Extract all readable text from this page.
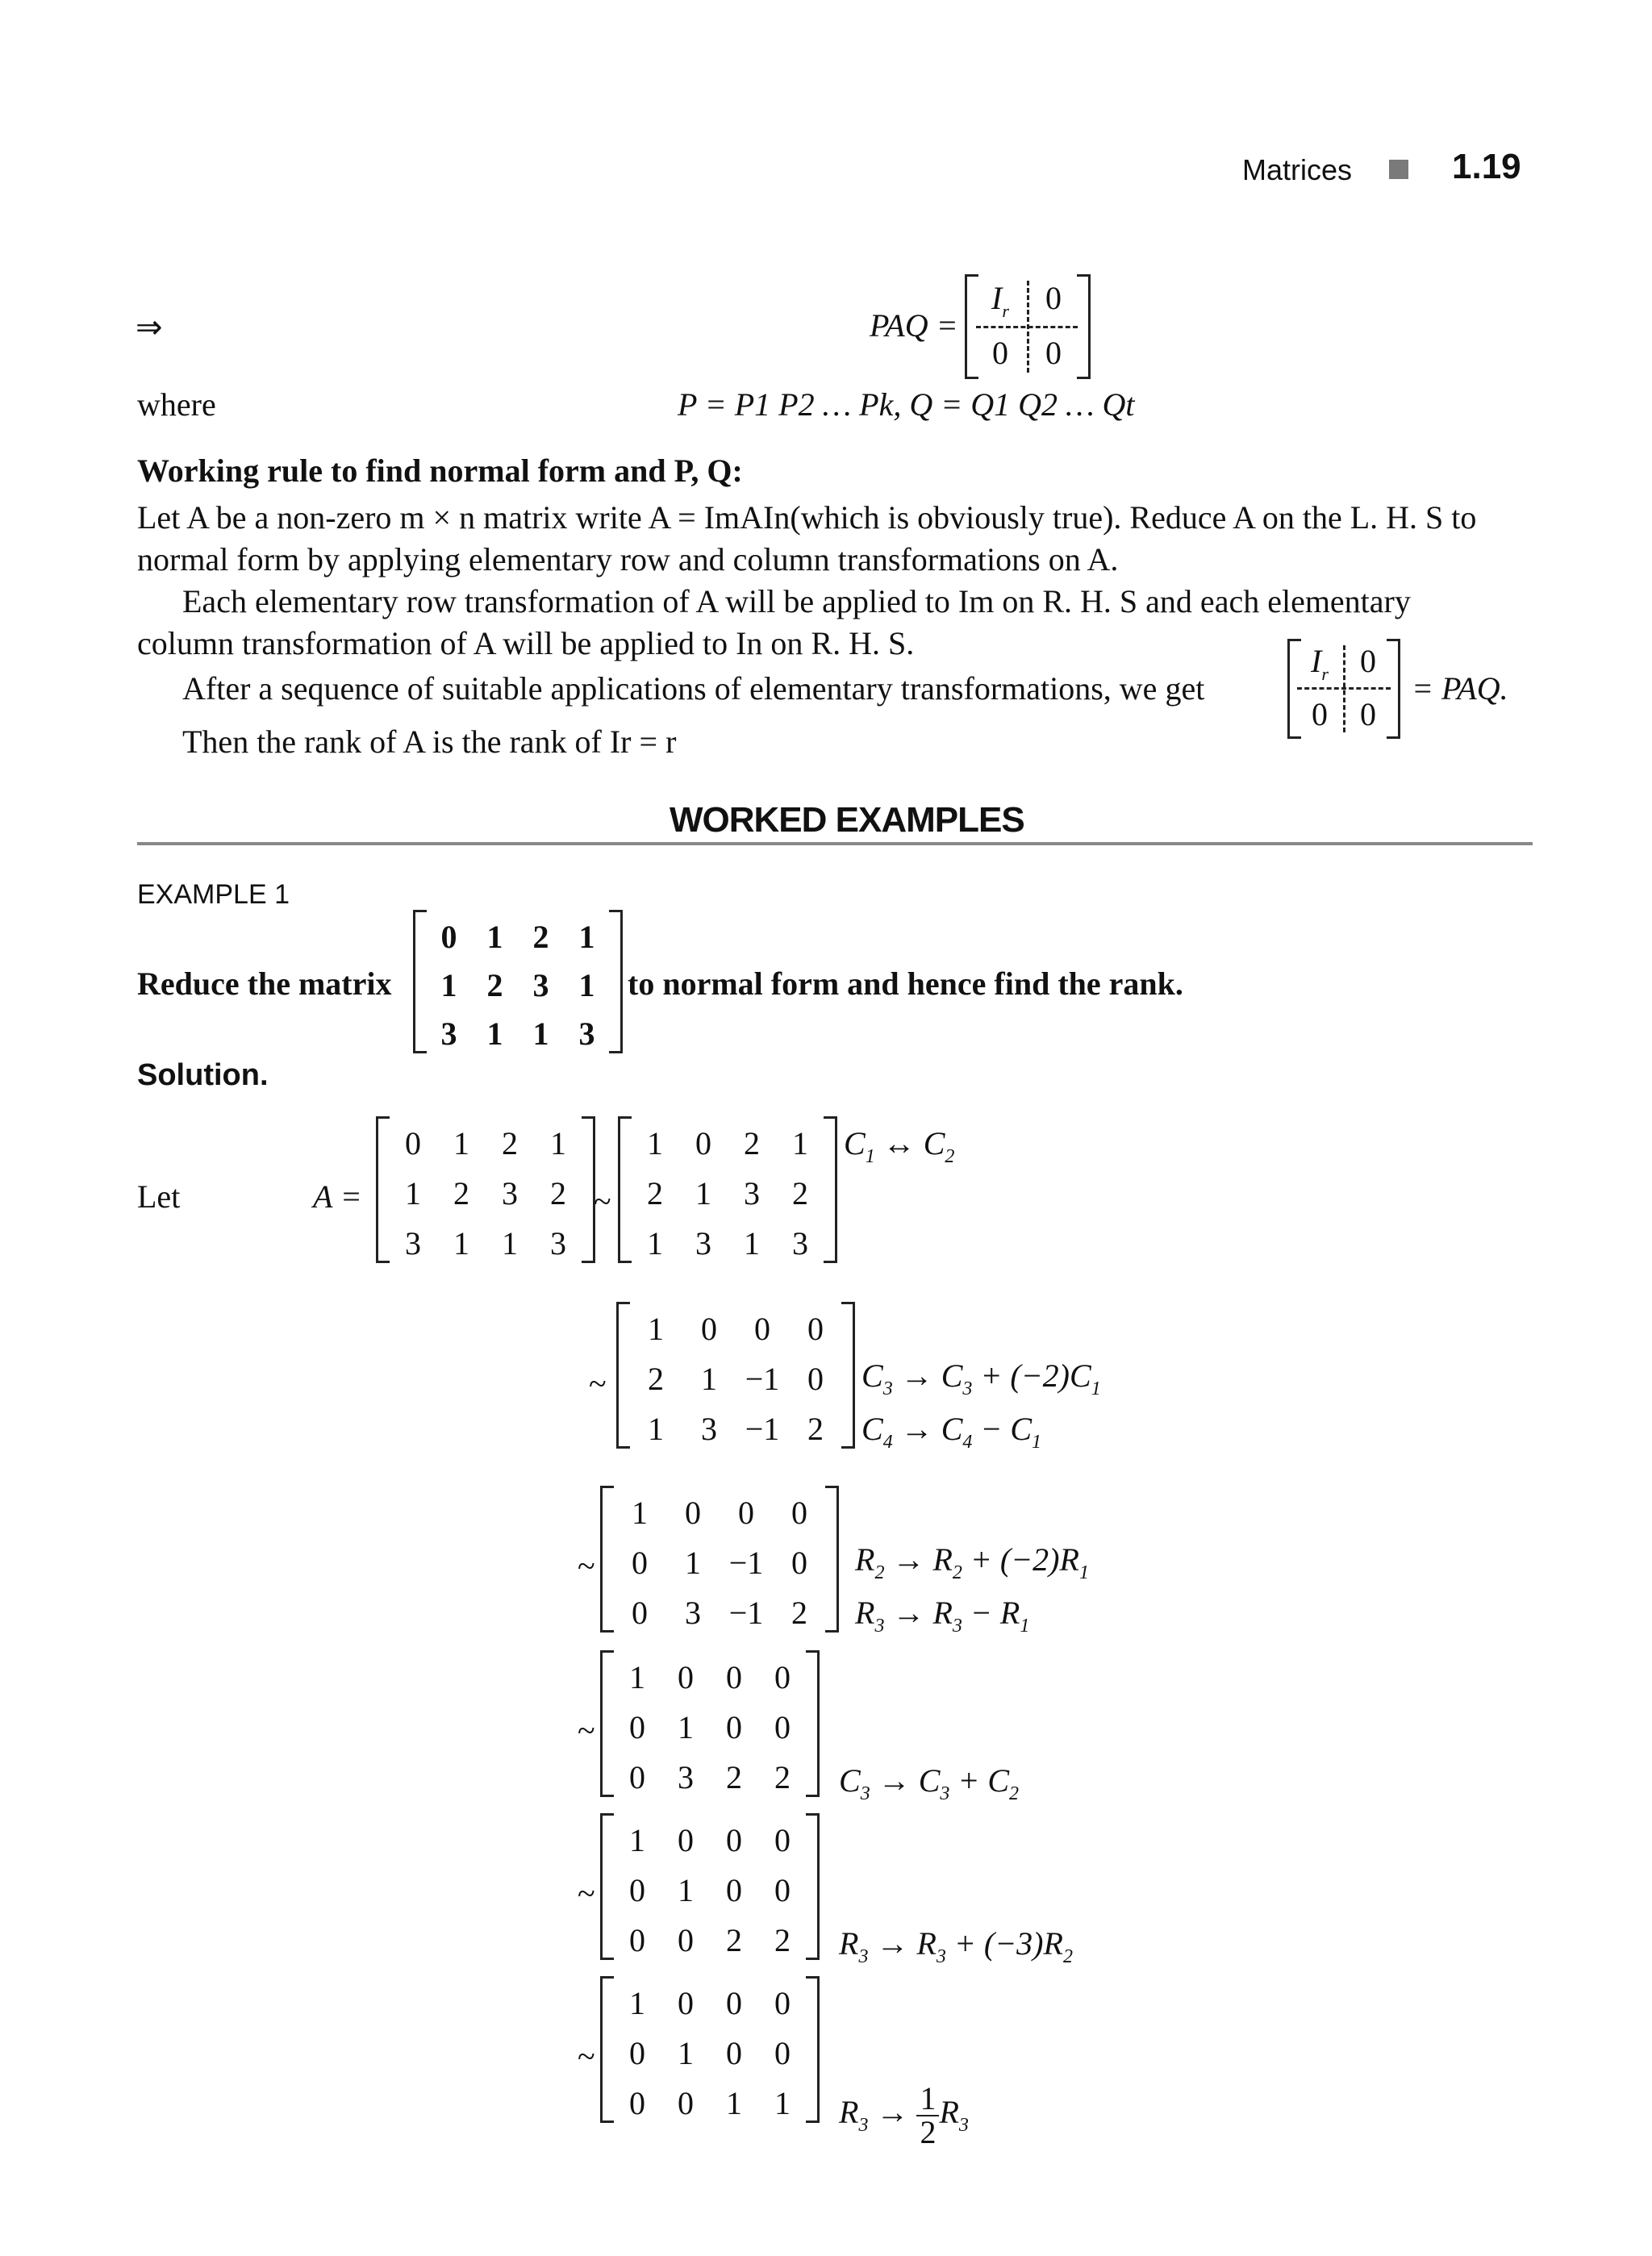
Matrices	1.19
⇒	PAQ =
$I_r$	0
0	0
where	P = P1 P2 … Pk, Q = Q1 Q2 … Qt
Working rule to find normal form and P, Q:
Let A be a non-zero m × n matrix write A = ImAIn(which is obviously true). Reduce A on the L. H. S to
normal form by applying elementary row and column transformations on A.
Each elementary row transformation of A will be applied to Im on R. H. S and each elementary
column transformation of A will be applied to In on R. H. S.
After a sequence of suitable applications of elementary transformations, we get
$I_r$ 0
0	0
= PAQ.
Then the rank of A is the rank of Ir = r
WORKED EXAMPLES
EXAMPLE 1
Reduce the matrix
0 1 2 1
1 2 3 1
3 1 1 3
to normal form and hence find the rank.
Solution.
Let	A =
0	1	2	1
1	2	3	2
3	1	1	3
1	0	2	1
2	1	3	2
1	3	1	3
~
$C_1$ ↔ $C_2$
1	0	0	0
2	1 −1 0
1	3 −1 2
~	$C_3 \to C_3 + (-2)C_1$
$C_4 \to C_4 - C_1$
1	0	0	0
0	1 −1 0
0	3 −1 2
~	$R_2 \to R_2 + (-2)R_1$
$R_3 \to R_3 - R_1$
1	0	0	0
0	1	0	0
0	3	2	2
~
$C_3 \to C_3 + C_2$
1	0	0	0
0	1	0	0
0	0	2	2
~
$R_3 \to R_3 + (-3)R_2$
1	0	0	0
0	1	0	0
0	0	1	1
~
$R_3 \to \frac{1}{2} R_3$
